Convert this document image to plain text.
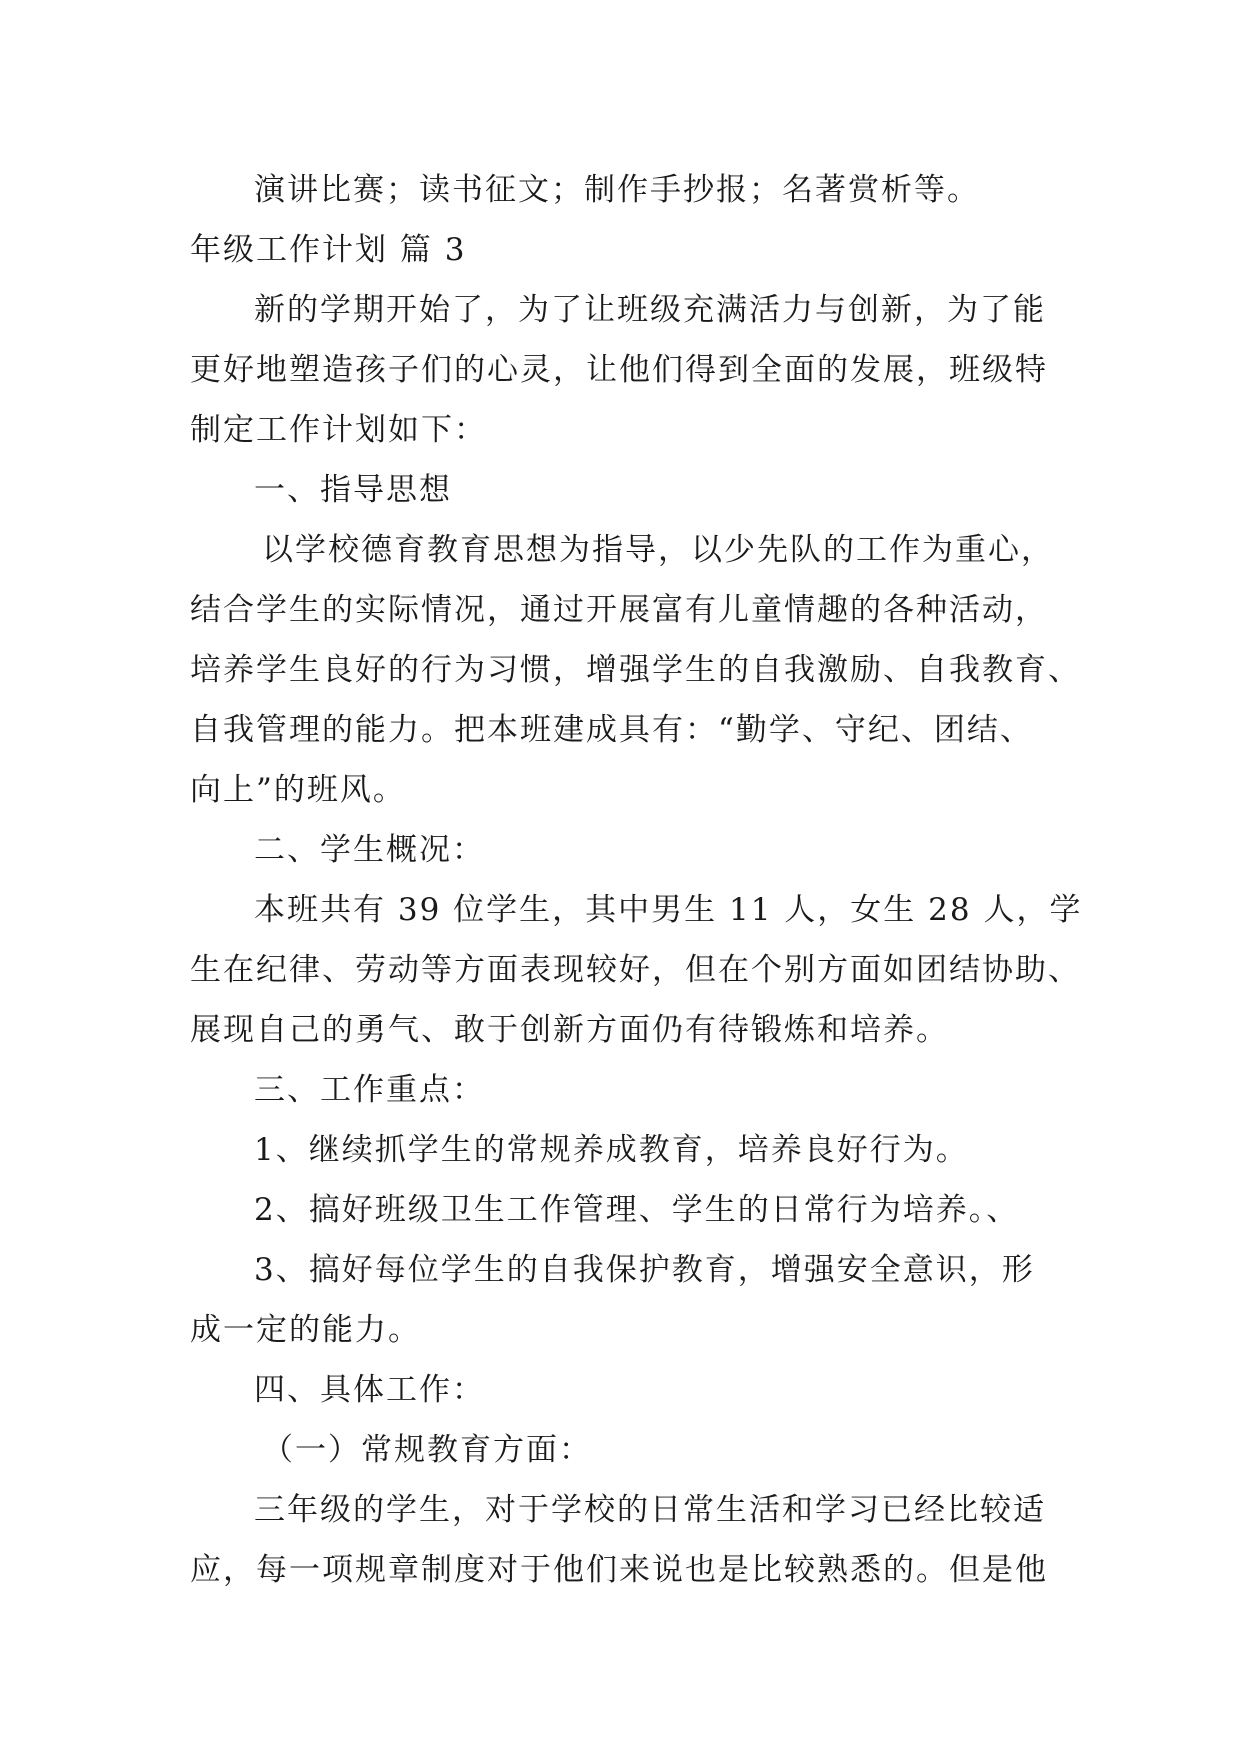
演讲比赛；读书征文；制作手抄报；名著赏析等。

年级工作计划 篇 3

新的学期开始了，为了让班级充满活力与创新，为了能

更好地塑造孩子们的心灵，让他们得到全面的发展，班级特

制定工作计划如下：

一、指导思想

以学校德育教育思想为指导，以少先队的工作为重心，

结合学生的实际情况，通过开展富有儿童情趣的各种活动，

培养学生良好的行为习惯，增强学生的自我激励、自我教育、

自我管理的能力。把本班建成具有：“勤学、守纪、团结、

向上”的班风。

二、学生概况：

本班共有 39 位学生，其中男生 11 人，女生 28 人，学

生在纪律、劳动等方面表现较好，但在个别方面如团结协助、

展现自己的勇气、敢于创新方面仍有待锻炼和培养。

三、工作重点：

1、继续抓学生的常规养成教育，培养良好行为。

2、搞好班级卫生工作管理、学生的日常行为培养。、

3、搞好每位学生的自我保护教育，增强安全意识，形

成一定的能力。

四、具体工作：

（一）常规教育方面：

三年级的学生，对于学校的日常生活和学习已经比较适

应，每一项规章制度对于他们来说也是比较熟悉的。但是他
